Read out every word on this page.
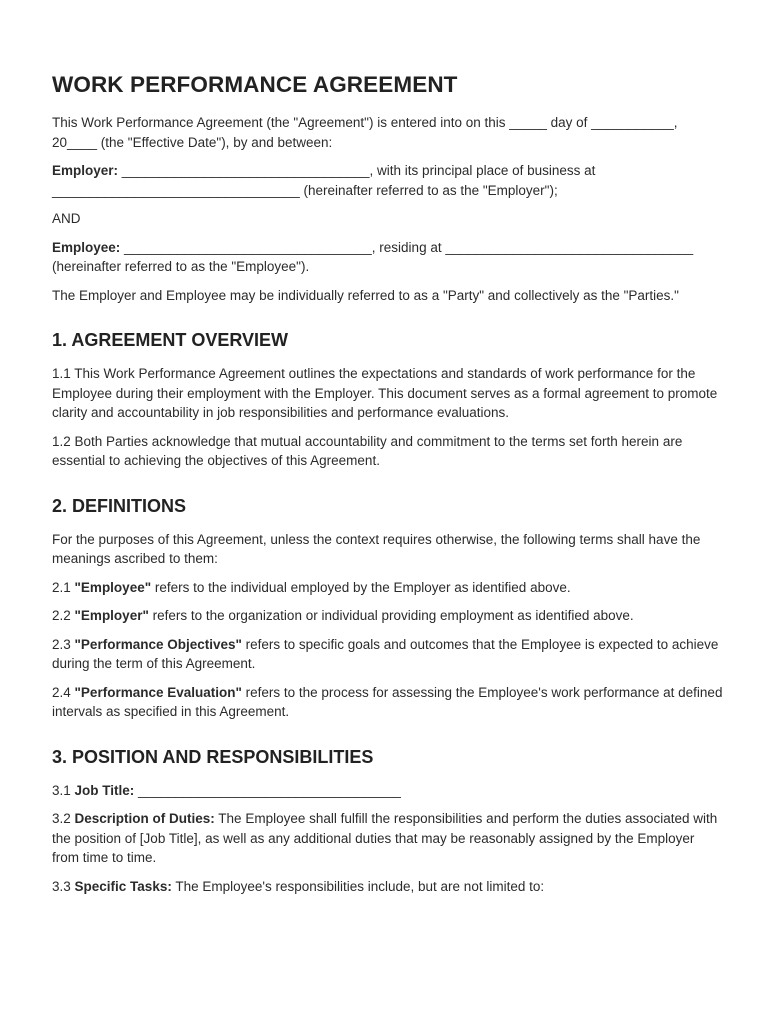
WORK PERFORMANCE AGREEMENT

This Work Performance Agreement (the "Agreement") is entered into on this _____ day of ___________, 20____ (the "Effective Date"), by and between:

Employer: _________________________________, with its principal place of business at _________________________________ (hereinafter referred to as the "Employer");

AND

Employee: _________________________________, residing at _________________________________ (hereinafter referred to as the "Employee").

The Employer and Employee may be individually referred to as a "Party" and collectively as the "Parties."

1. AGREEMENT OVERVIEW

1.1 This Work Performance Agreement outlines the expectations and standards of work performance for the Employee during their employment with the Employer. This document serves as a formal agreement to promote clarity and accountability in job responsibilities and performance evaluations.

1.2 Both Parties acknowledge that mutual accountability and commitment to the terms set forth herein are essential to achieving the objectives of this Agreement.

2. DEFINITIONS

For the purposes of this Agreement, unless the context requires otherwise, the following terms shall have the meanings ascribed to them:

2.1 "Employee" refers to the individual employed by the Employer as identified above.

2.2 "Employer" refers to the organization or individual providing employment as identified above.

2.3 "Performance Objectives" refers to specific goals and outcomes that the Employee is expected to achieve during the term of this Agreement.

2.4 "Performance Evaluation" refers to the process for assessing the Employee's work performance at defined intervals as specified in this Agreement.

3. POSITION AND RESPONSIBILITIES

3.1 Job Title: ___________________________________

3.2 Description of Duties: The Employee shall fulfill the responsibilities and perform the duties associated with the position of [Job Title], as well as any additional duties that may be reasonably assigned by the Employer from time to time.

3.3 Specific Tasks: The Employee's responsibilities include, but are not limited to:
